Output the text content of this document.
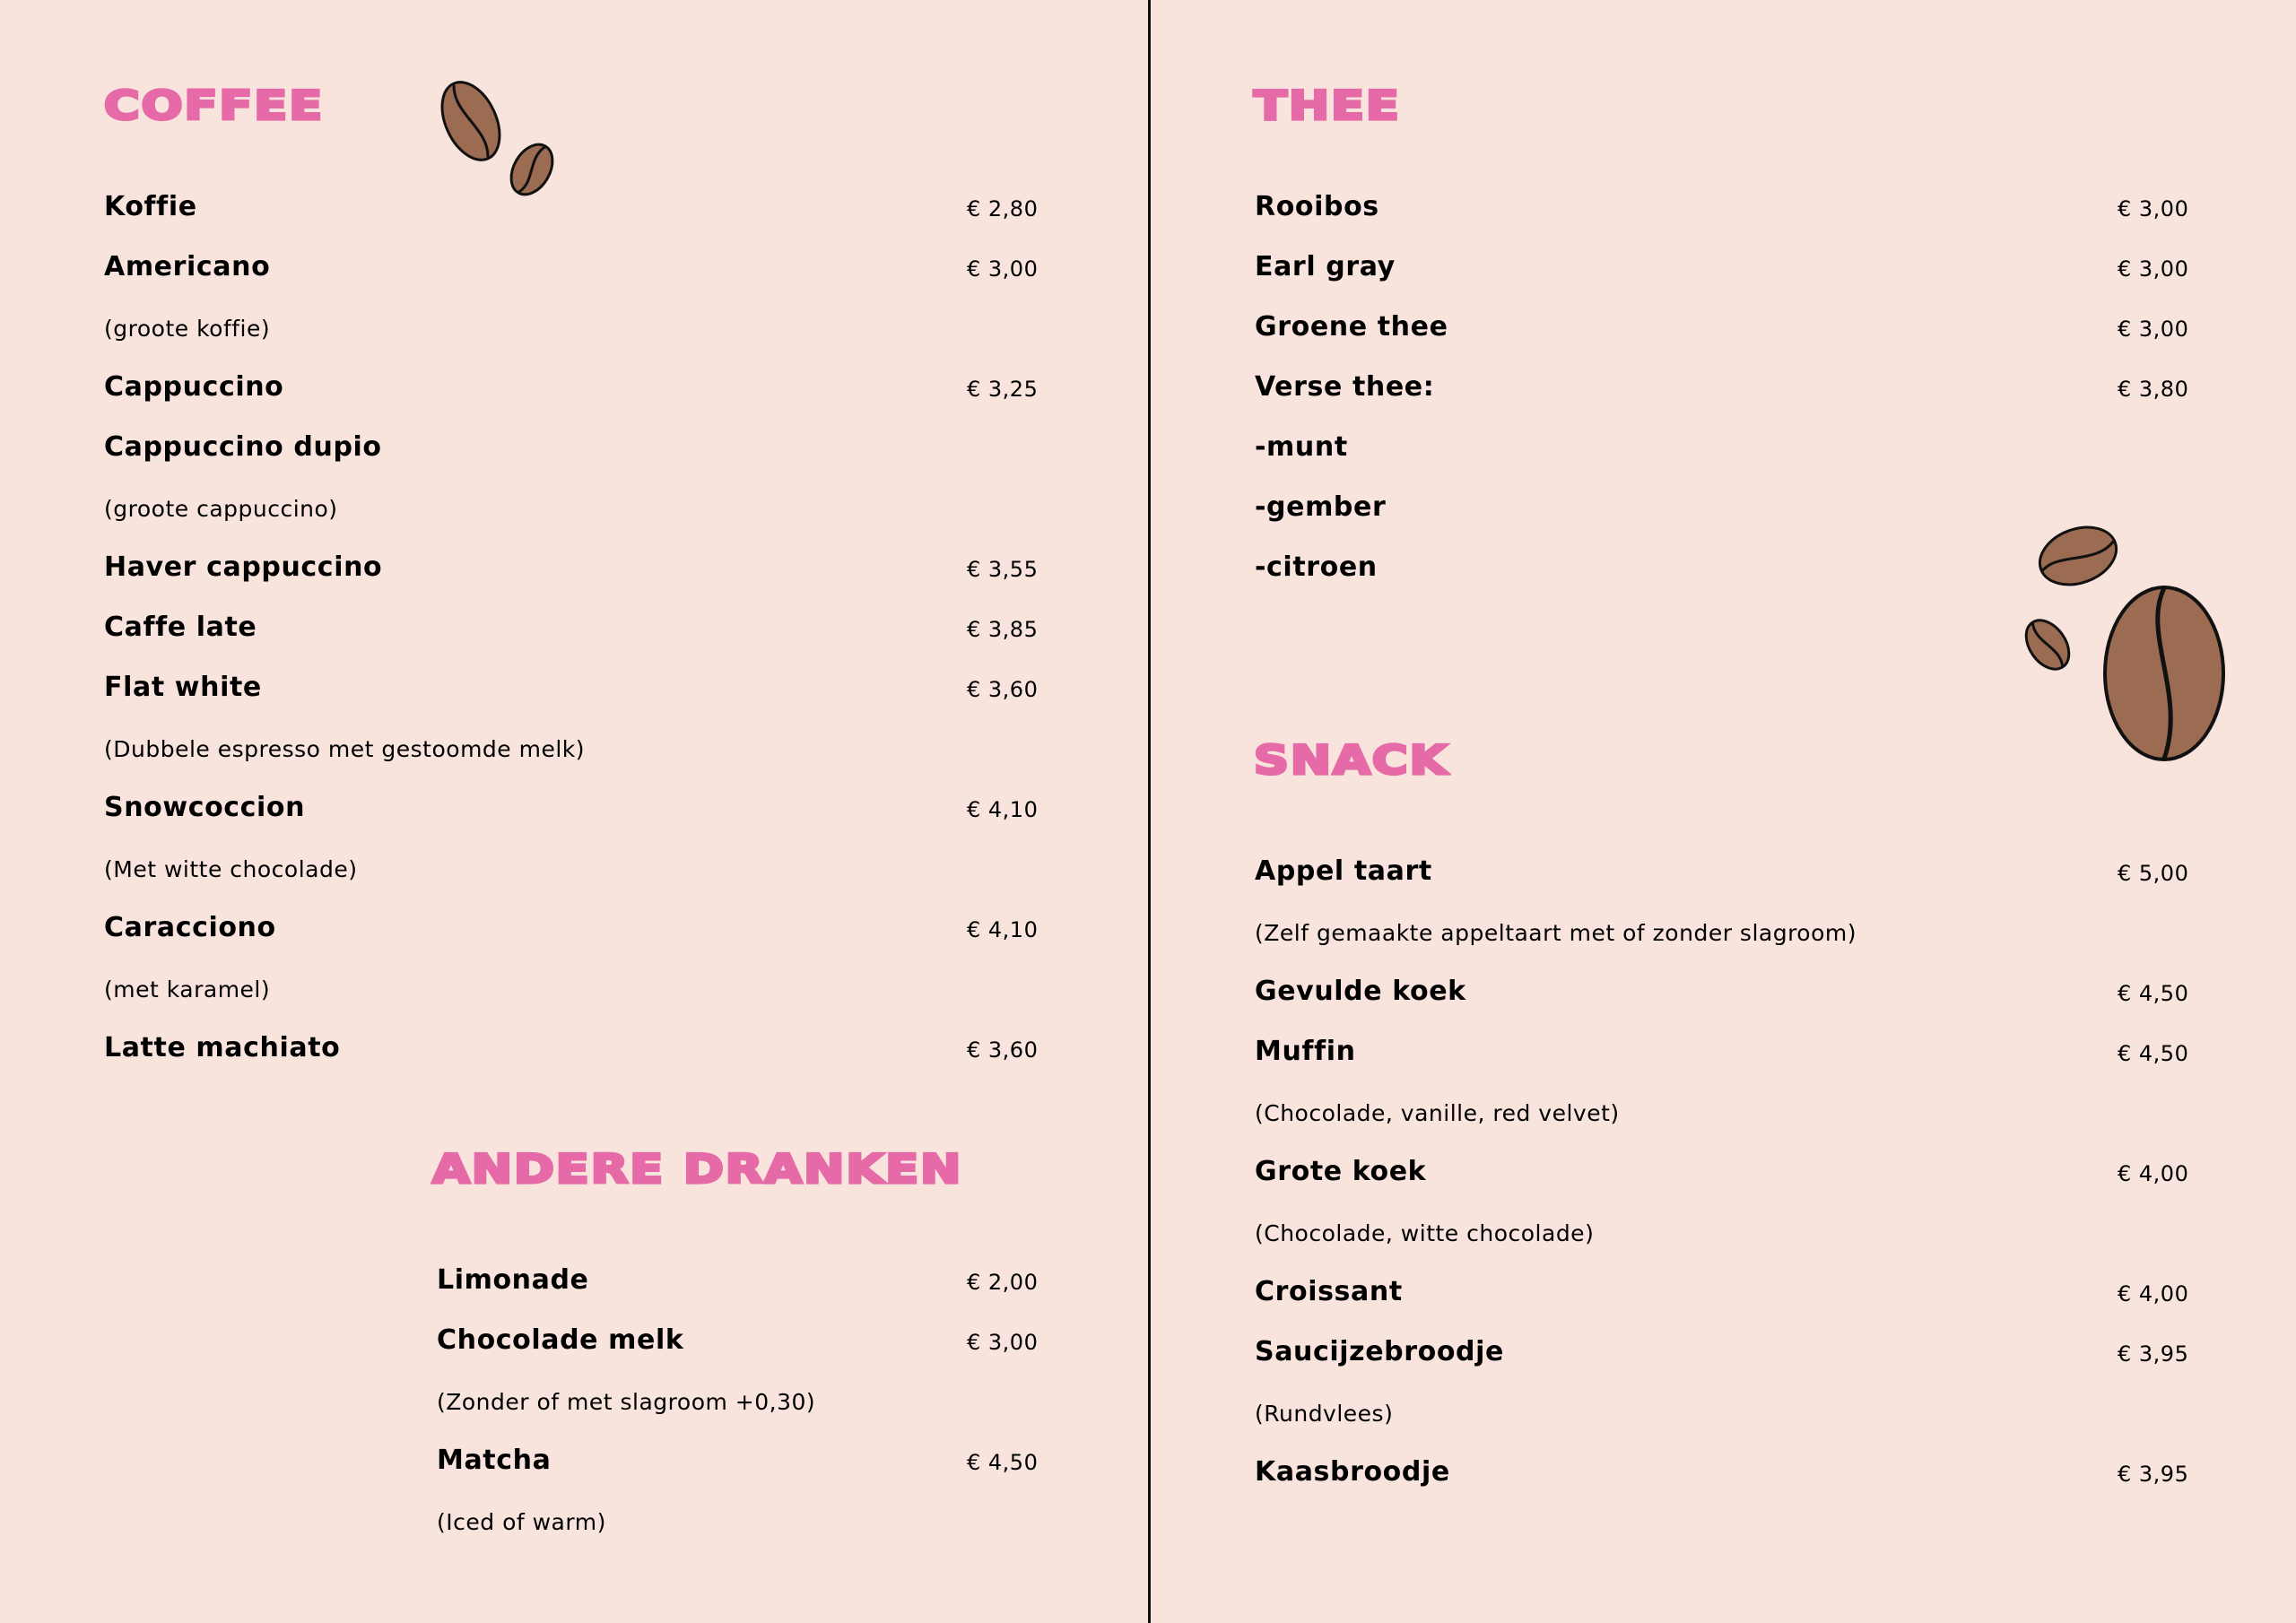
COFFEE
ANDERE DRANKEN
THEE
SNACK
Koffie	€ 2,80
Americano	€ 3,00
(groote koffie)
Cappuccino	€ 3,25
Cappuccino dupio
(groote cappuccino)
Haver cappuccino	€ 3,55
Caffe late	€ 3,85
Flat white	€ 3,60
(Dubbele espresso met gestoomde melk)
Snowcoccion	€ 4,10
(Met witte chocolade)
Caracciono	€ 4,10
(met karamel)
Latte machiato	€ 3,60
Limonade	€ 2,00
Chocolade melk	€ 3,00
(Zonder of met slagroom +0,30)
Matcha	€ 4,50
(Iced of warm)
Rooibos	€ 3,00
Earl gray	€ 3,00
Groene thee	€ 3,00
Verse thee:	€ 3,80
-munt
-gember
-citroen
Appel taart	€ 5,00
(Zelf gemaakte appeltaart met of zonder slagroom)
Gevulde koek	€ 4,50
Muffin	€ 4,50
(Chocolade, vanille, red velvet)
Grote koek	€ 4,00
(Chocolade, witte chocolade)
Croissant	€ 4,00
Saucijzebroodje	€ 3,95
(Rundvlees)
Kaasbroodje	€ 3,95
